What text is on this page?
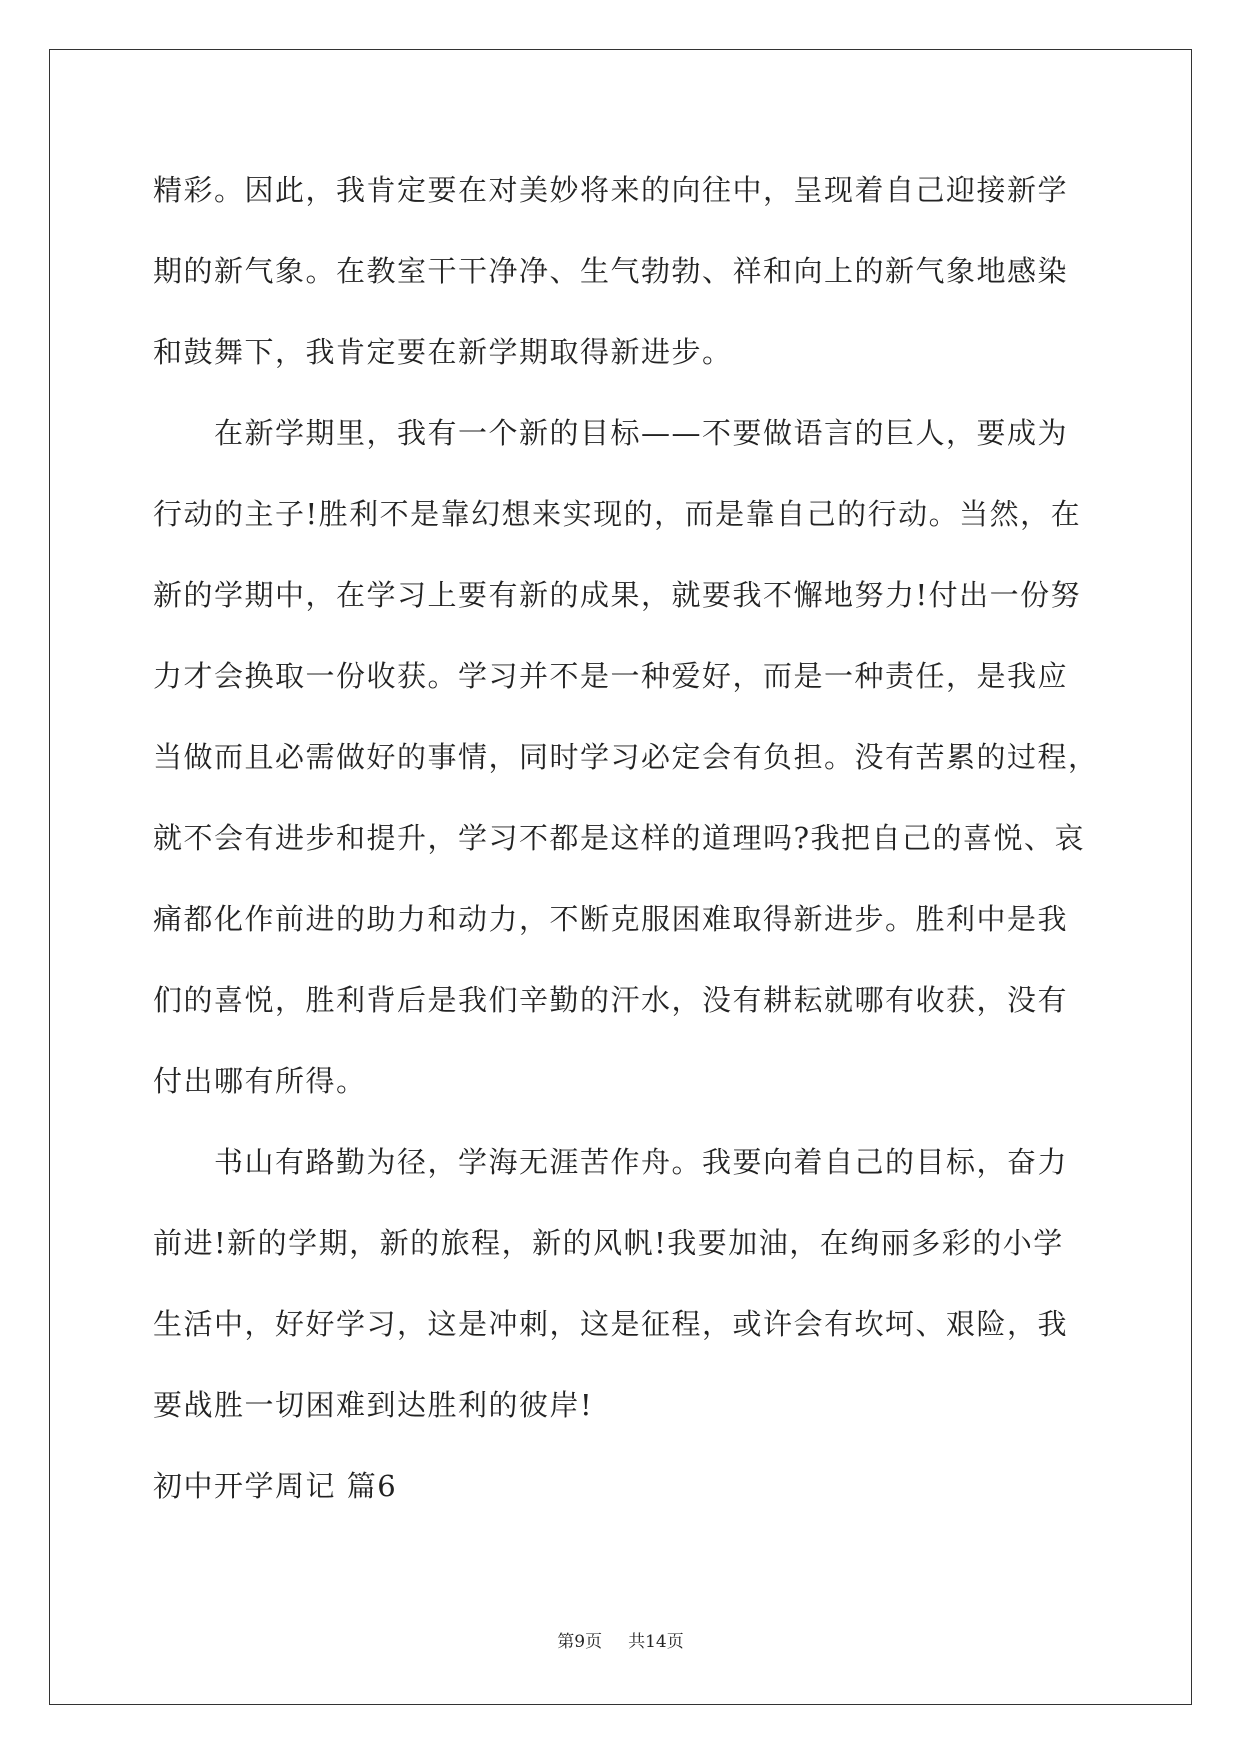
精彩。因此，我肯定要在对美妙将来的向往中，呈现着自己迎接新学
期的新气象。在教室干干净净、生气勃勃、祥和向上的新气象地感染
和鼓舞下，我肯定要在新学期取得新进步。
　　在新学期里，我有一个新的目标——不要做语言的巨人，要成为
行动的主子!胜利不是靠幻想来实现的，而是靠自己的行动。当然，在
新的学期中，在学习上要有新的成果，就要我不懈地努力!付出一份努
力才会换取一份收获。学习并不是一种爱好，而是一种责任，是我应
当做而且必需做好的事情，同时学习必定会有负担。没有苦累的过程，
就不会有进步和提升，学习不都是这样的道理吗?我把自己的喜悦、哀
痛都化作前进的助力和动力，不断克服困难取得新进步。胜利中是我
们的喜悦，胜利背后是我们辛勤的汗水，没有耕耘就哪有收获，没有
付出哪有所得。
　　书山有路勤为径，学海无涯苦作舟。我要向着自己的目标，奋力
前进!新的学期，新的旅程，新的风帆!我要加油，在绚丽多彩的小学
生活中，好好学习，这是冲刺，这是征程，或许会有坎坷、艰险，我
要战胜一切困难到达胜利的彼岸!
初中开学周记 篇6
第9页 共14页
